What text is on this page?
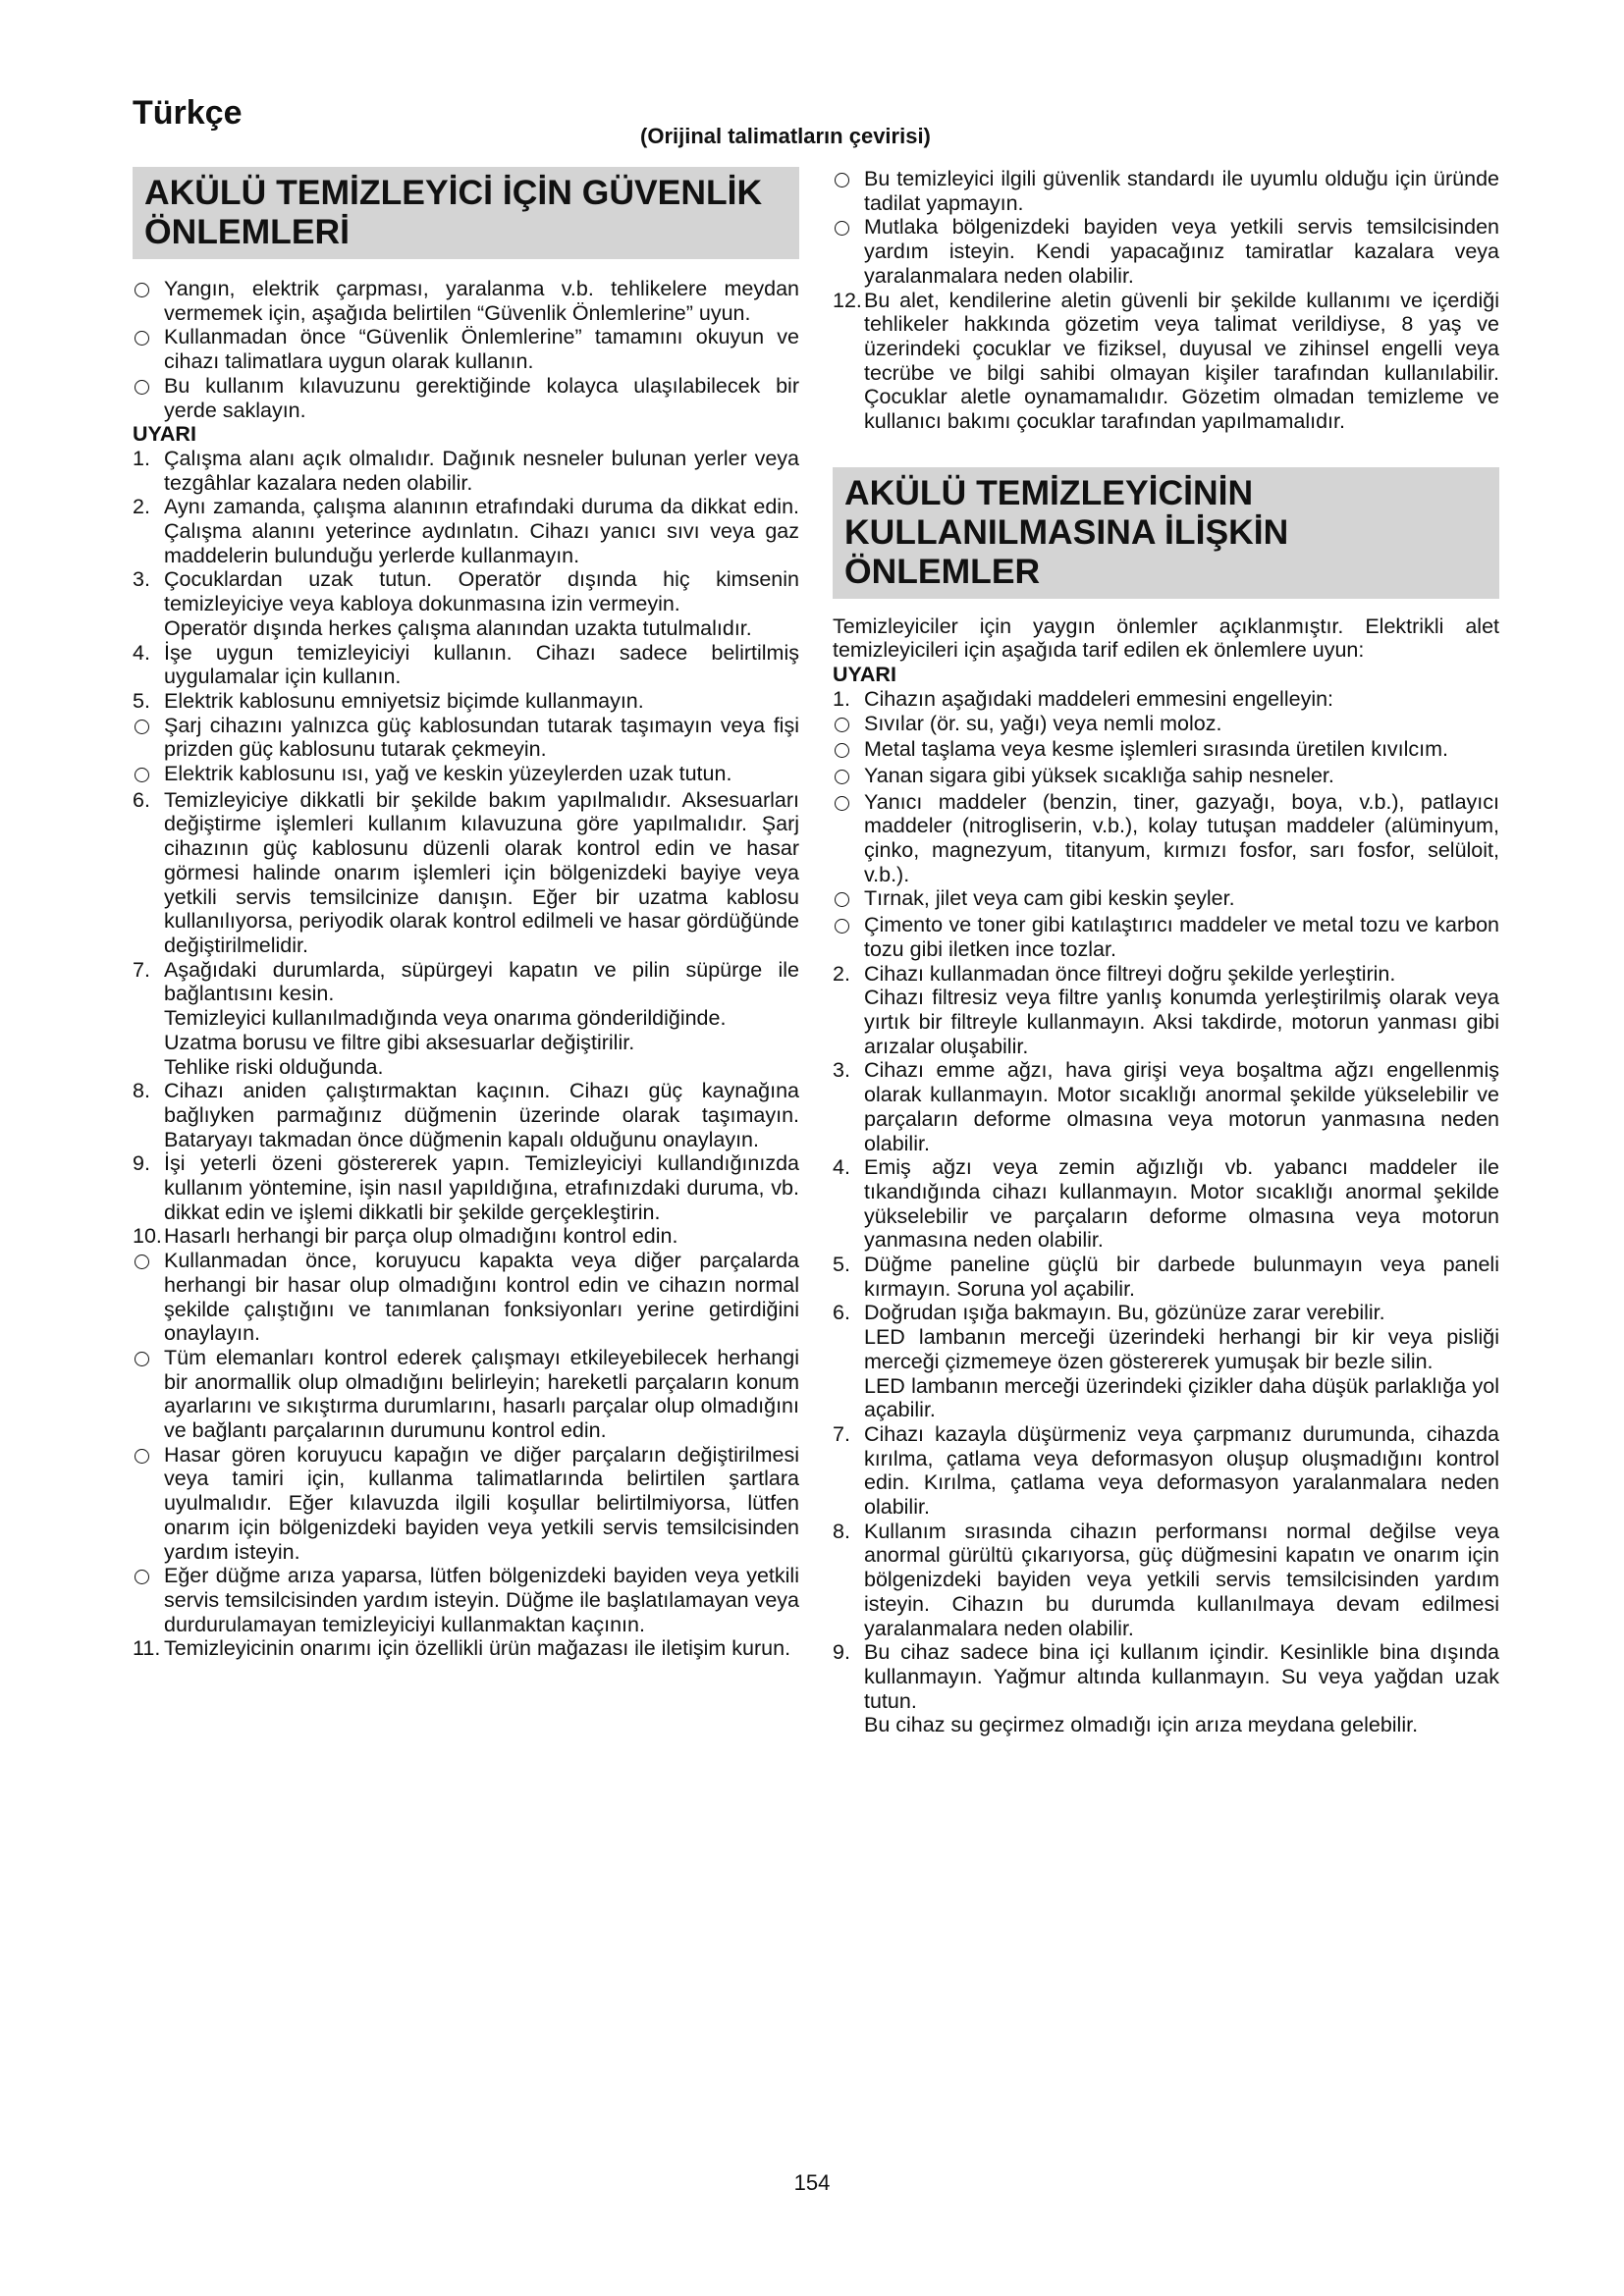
Türkçe
(Orijinal talimatların çevirisi)
AKÜLÜ TEMİZLEYİCİ İÇİN GÜVENLİK ÖNLEMLERİ
Yangın, elektrik çarpması, yaralanma v.b. tehlikelere meydan vermemek için, aşağıda belirtilen “Güvenlik Önlemlerine” uyun.
Kullanmadan önce “Güvenlik Önlemlerine” tamamını okuyun ve cihazı talimatlara uygun olarak kullanın.
Bu kullanım kılavuzunu gerektiğinde kolayca ulaşılabilecek bir yerde saklayın.
UYARI
1. Çalışma alanı açık olmalıdır. Dağınık nesneler bulunan yerler veya tezgâhlar kazalara neden olabilir.
2. Aynı zamanda, çalışma alanının etrafındaki duruma da dikkat edin. Çalışma alanını yeterince aydınlatın. Cihazı yanıcı sıvı veya gaz maddelerin bulunduğu yerlerde kullanmayın.
3. Çocuklardan uzak tutun. Operatör dışında hiç kimsenin temizleyiciye veya kabloya dokunmasına izin vermeyin.
Operatör dışında herkes çalışma alanından uzakta tutulmalıdır.
4. İşe uygun temizleyiciyi kullanın. Cihazı sadece belirtilmiş uygulamalar için kullanın.
5. Elektrik kablosunu emniyetsiz biçimde kullanmayın.
Şarj cihazını yalnızca güç kablosundan tutarak taşımayın veya fişi prizden güç kablosunu tutarak çekmeyin.
Elektrik kablosunu ısı, yağ ve keskin yüzeylerden uzak tutun.
6. Temizleyiciye dikkatli bir şekilde bakım yapılmalıdır. Aksesuarları değiştirme işlemleri kullanım kılavuzuna göre yapılmalıdır. Şarj cihazının güç kablosunu düzenli olarak kontrol edin ve hasar görmesi halinde onarım işlemleri için bölgenizdeki bayiye veya yetkili servis temsilcinize danışın. Eğer bir uzatma kablosu kullanılıyorsa, periyodik olarak kontrol edilmeli ve hasar gördüğünde değiştirilmelidir.
7. Aşağıdaki durumlarda, süpürgeyi kapatın ve pilin süpürge ile bağlantısını kesin.
Temizleyici kullanılmadığında veya onarıma gönderildiğinde.
Uzatma borusu ve filtre gibi aksesuarlar değiştirilir.
Tehlike riski olduğunda.
8. Cihazı aniden çalıştırmaktan kaçının. Cihazı güç kaynağına bağlıyken parmağınız düğmenin üzerinde olarak taşımayın. Bataryayı takmadan önce düğmenin kapalı olduğunu onaylayın.
9. İşi yeterli özeni göstererek yapın. Temizleyiciyi kullandığınızda kullanım yöntemine, işin nasıl yapıldığına, etrafınızdaki duruma, vb. dikkat edin ve işlemi dikkatli bir şekilde gerçekleştirin.
10. Hasarlı herhangi bir parça olup olmadığını kontrol edin.
Kullanmadan önce, koruyucu kapakta veya diğer parçalarda herhangi bir hasar olup olmadığını kontrol edin ve cihazın normal şekilde çalıştığını ve tanımlanan fonksiyonları yerine getirdiğini onaylayın.
Tüm elemanları kontrol ederek çalışmayı etkileyebilecek herhangi bir anormallik olup olmadığını belirleyin; hareketli parçaların konum ayarlarını ve sıkıştırma durumlarını, hasarlı parçalar olup olmadığını ve bağlantı parçalarının durumunu kontrol edin.
Hasar gören koruyucu kapağın ve diğer parçaların değiştirilmesi veya tamiri için, kullanma talimatlarında belirtilen şartlara uyulmalıdır. Eğer kılavuzda ilgili koşullar belirtilmiyorsa, lütfen onarım için bölgenizdeki bayiden veya yetkili servis temsilcisinden yardım isteyin.
Eğer düğme arıza yaparsa, lütfen bölgenizdeki bayiden veya yetkili servis temsilcisinden yardım isteyin. Düğme ile başlatılamayan veya durdurulamayan temizleyiciyi kullanmaktan kaçının.
11. Temizleyicinin onarımı için özellikli ürün mağazası ile iletişim kurun.
Bu temizleyici ilgili güvenlik standardı ile uyumlu olduğu için üründe tadilat yapmayın.
Mutlaka bölgenizdeki bayiden veya yetkili servis temsilcisinden yardım isteyin. Kendi yapacağınız tamiratlar kazalara veya yaralanmalara neden olabilir.
12. Bu alet, kendilerine aletin güvenli bir şekilde kullanımı ve içerdiği tehlikeler hakkında gözetim veya talimat verildiyse, 8 yaş ve üzerindeki çocuklar ve fiziksel, duyusal ve zihinsel engelli veya tecrübe ve bilgi sahibi olmayan kişiler tarafından kullanılabilir. Çocuklar aletle oynamamalıdır. Gözetim olmadan temizleme ve kullanıcı bakımı çocuklar tarafından yapılmamalıdır.
AKÜLÜ TEMİZLEYİCİNİN KULLANILMASINA İLİŞKİN ÖNLEMLER
Temizleyiciler için yaygın önlemler açıklanmıştır. Elektrikli alet temizleyicileri için aşağıda tarif edilen ek önlemlere uyun:
UYARI
1. Cihazın aşağıdaki maddeleri emmesini engelleyin:
Sıvılar (ör. su, yağı) veya nemli moloz.
Metal taşlama veya kesme işlemleri sırasında üretilen kıvılcım.
Yanan sigara gibi yüksek sıcaklığa sahip nesneler.
Yanıcı maddeler (benzin, tiner, gazyağı, boya, v.b.), patlayıcı maddeler (nitrogliserin, v.b.), kolay tutuşan maddeler (alüminyum, çinko, magnezyum, titanyum, kırmızı fosfor, sarı fosfor, selüloit, v.b.).
Tırnak, jilet veya cam gibi keskin şeyler.
Çimento ve toner gibi katılaştırıcı maddeler ve metal tozu ve karbon tozu gibi iletken ince tozlar.
2. Cihazı kullanmadan önce filtreyi doğru şekilde yerleştirin.
Cihazı filtresiz veya filtre yanlış konumda yerleştirilmiş olarak veya yırtık bir filtreyle kullanmayın. Aksi takdirde, motorun yanması gibi arızalar oluşabilir.
3. Cihazı emme ağzı, hava girişi veya boşaltma ağzı engellenmiş olarak kullanmayın. Motor sıcaklığı anormal şekilde yükselebilir ve parçaların deforme olmasına veya motorun yanmasına neden olabilir.
4. Emiş ağzı veya zemin ağızlığı vb. yabancı maddeler ile tıkandığında cihazı kullanmayın. Motor sıcaklığı anormal şekilde yükselebilir ve parçaların deforme olmasına veya motorun yanmasına neden olabilir.
5. Düğme paneline güçlü bir darbede bulunmayın veya paneli kırmayın. Soruna yol açabilir.
6. Doğrudan ışığa bakmayın. Bu, gözünüze zarar verebilir.
LED lambanın merceği üzerindeki herhangi bir kir veya pisliği merceği çizmemeye özen göstererek yumuşak bir bezle silin.
LED lambanın merceği üzerindeki çizikler daha düşük parlaklığa yol açabilir.
7. Cihazı kazayla düşürmeniz veya çarpmanız durumunda, cihazda kırılma, çatlama veya deformasyon oluşup oluşmadığını kontrol edin. Kırılma, çatlama veya deformasyon yaralanmalara neden olabilir.
8. Kullanım sırasında cihazın performansı normal değilse veya anormal gürültü çıkarıyorsa, güç düğmesini kapatın ve onarım için bölgenizdeki bayiden veya yetkili servis temsilcisinden yardım isteyin. Cihazın bu durumda kullanılmaya devam edilmesi yaralanmalara neden olabilir.
9. Bu cihaz sadece bina içi kullanım içindir. Kesinlikle bina dışında kullanmayın. Yağmur altında kullanmayın. Su veya yağdan uzak tutun.
Bu cihaz su geçirmez olmadığı için arıza meydana gelebilir.
154
